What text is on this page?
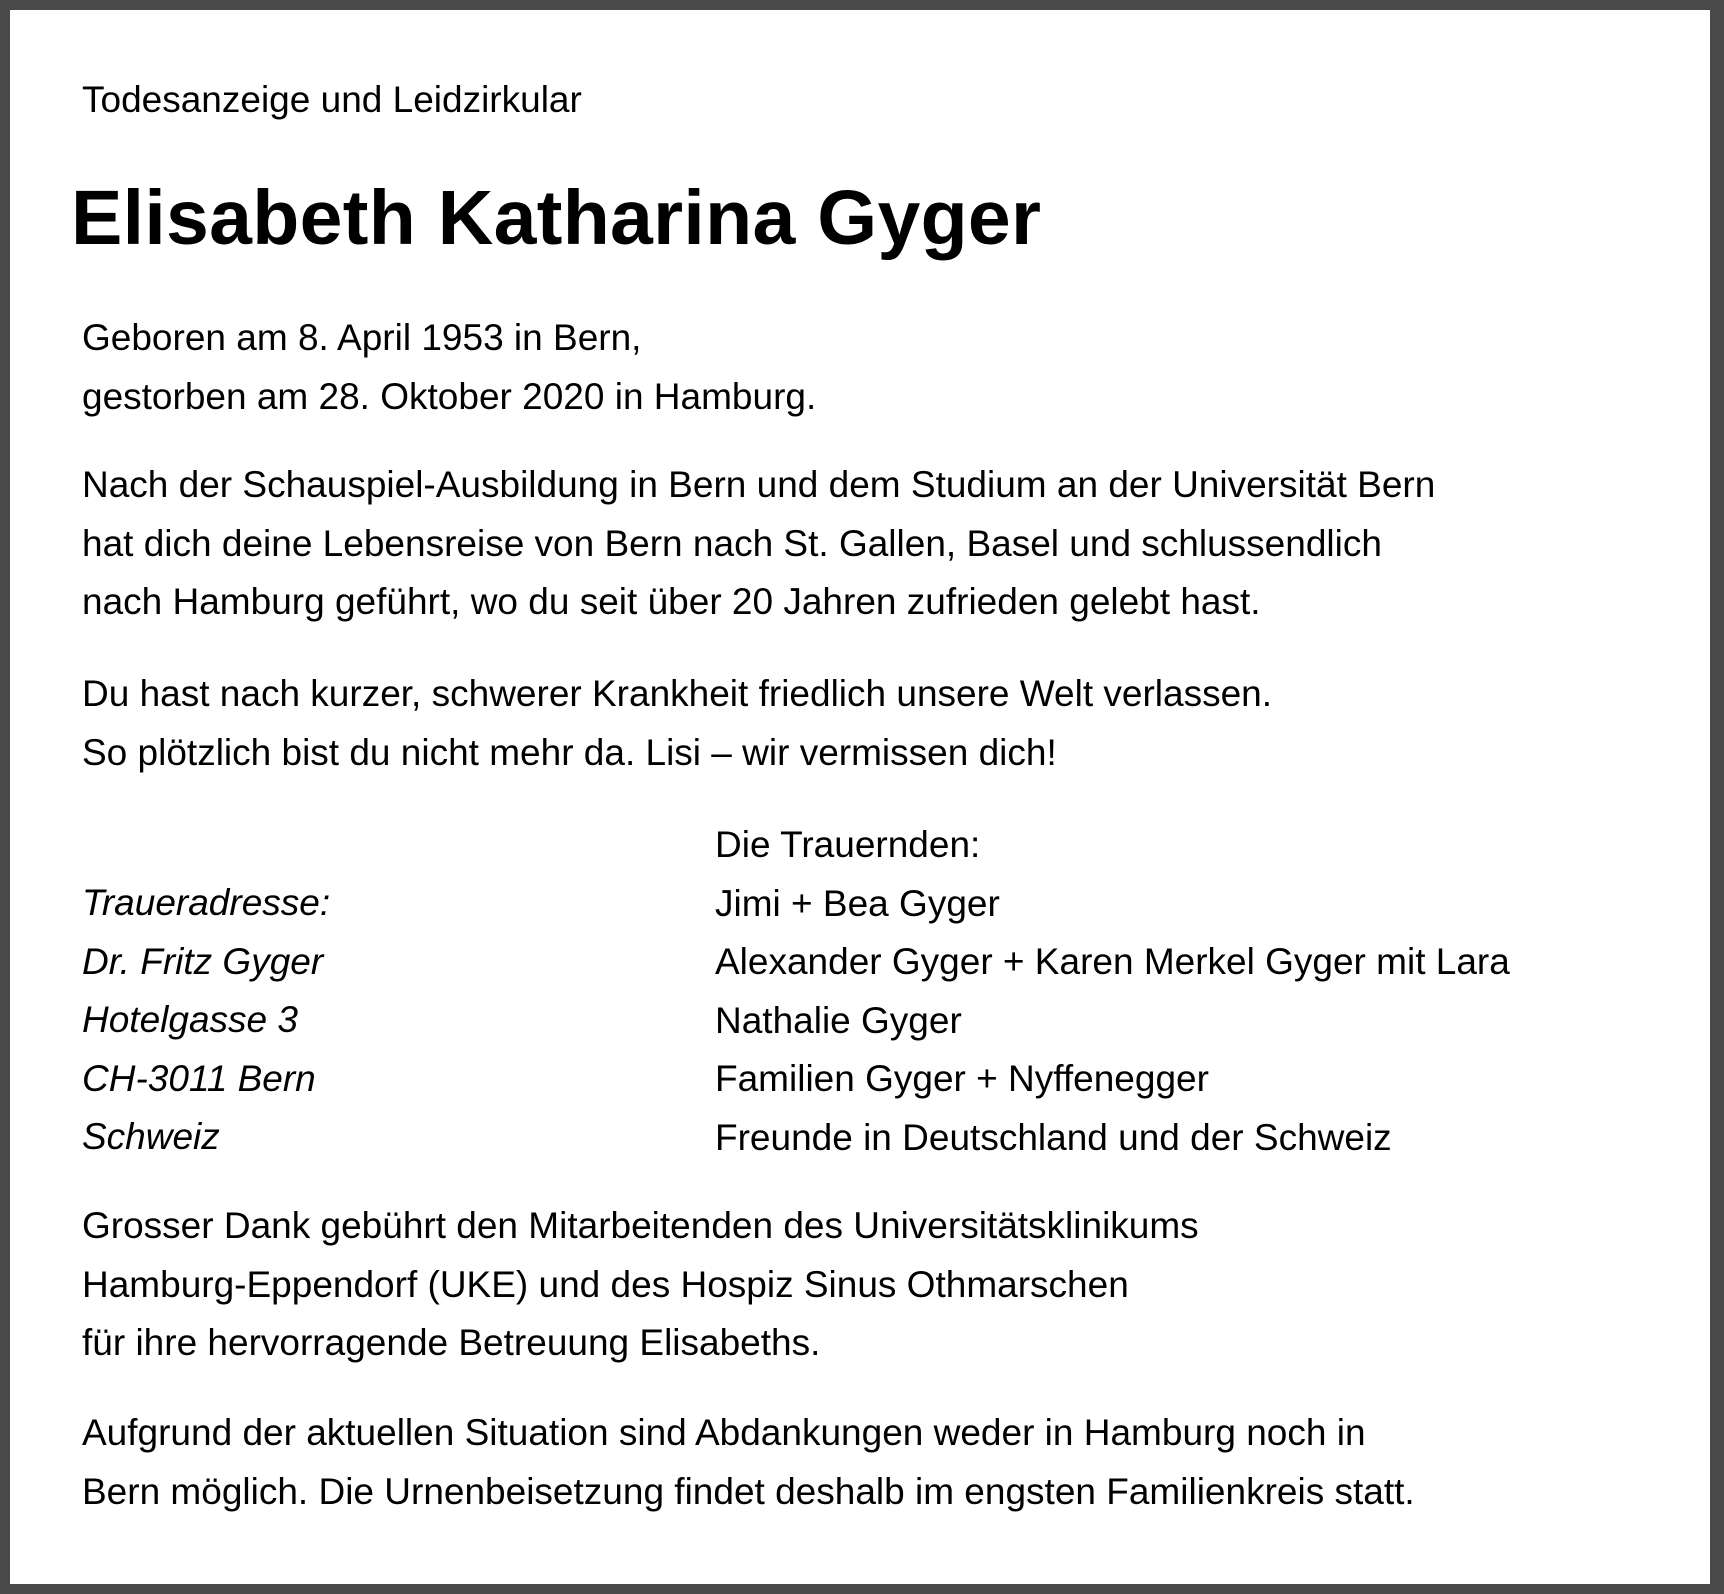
Todesanzeige und Leidzirkular
Elisabeth Katharina Gyger
Geboren am 8. April 1953 in Bern,
gestorben am 28. Oktober 2020 in Hamburg.
Nach der Schauspiel-Ausbildung in Bern und dem Studium an der Universität Bern
hat dich deine Lebensreise von Bern nach St. Gallen, Basel und schlussendlich
nach Hamburg geführt, wo du seit über 20 Jahren zufrieden gelebt hast.
Du hast nach kurzer, schwerer Krankheit friedlich unsere Welt verlassen.
So plötzlich bist du nicht mehr da. Lisi – wir vermissen dich!
Die Trauernden:
Jimi + Bea Gyger
Alexander Gyger + Karen Merkel Gyger mit Lara
Nathalie Gyger
Familien Gyger + Nyffenegger
Freunde in Deutschland und der Schweiz
Traueradresse:
Dr. Fritz Gyger
Hotelgasse 3
CH-3011 Bern
Schweiz
Grosser Dank gebührt den Mitarbeitenden des Universitätsklinikums
Hamburg-Eppendorf (UKE) und des Hospiz Sinus Othmarschen
für ihre hervorragende Betreuung Elisabeths.
Aufgrund der aktuellen Situation sind Abdankungen weder in Hamburg noch in
Bern möglich. Die Urnenbeisetzung findet deshalb im engsten Familienkreis statt.
